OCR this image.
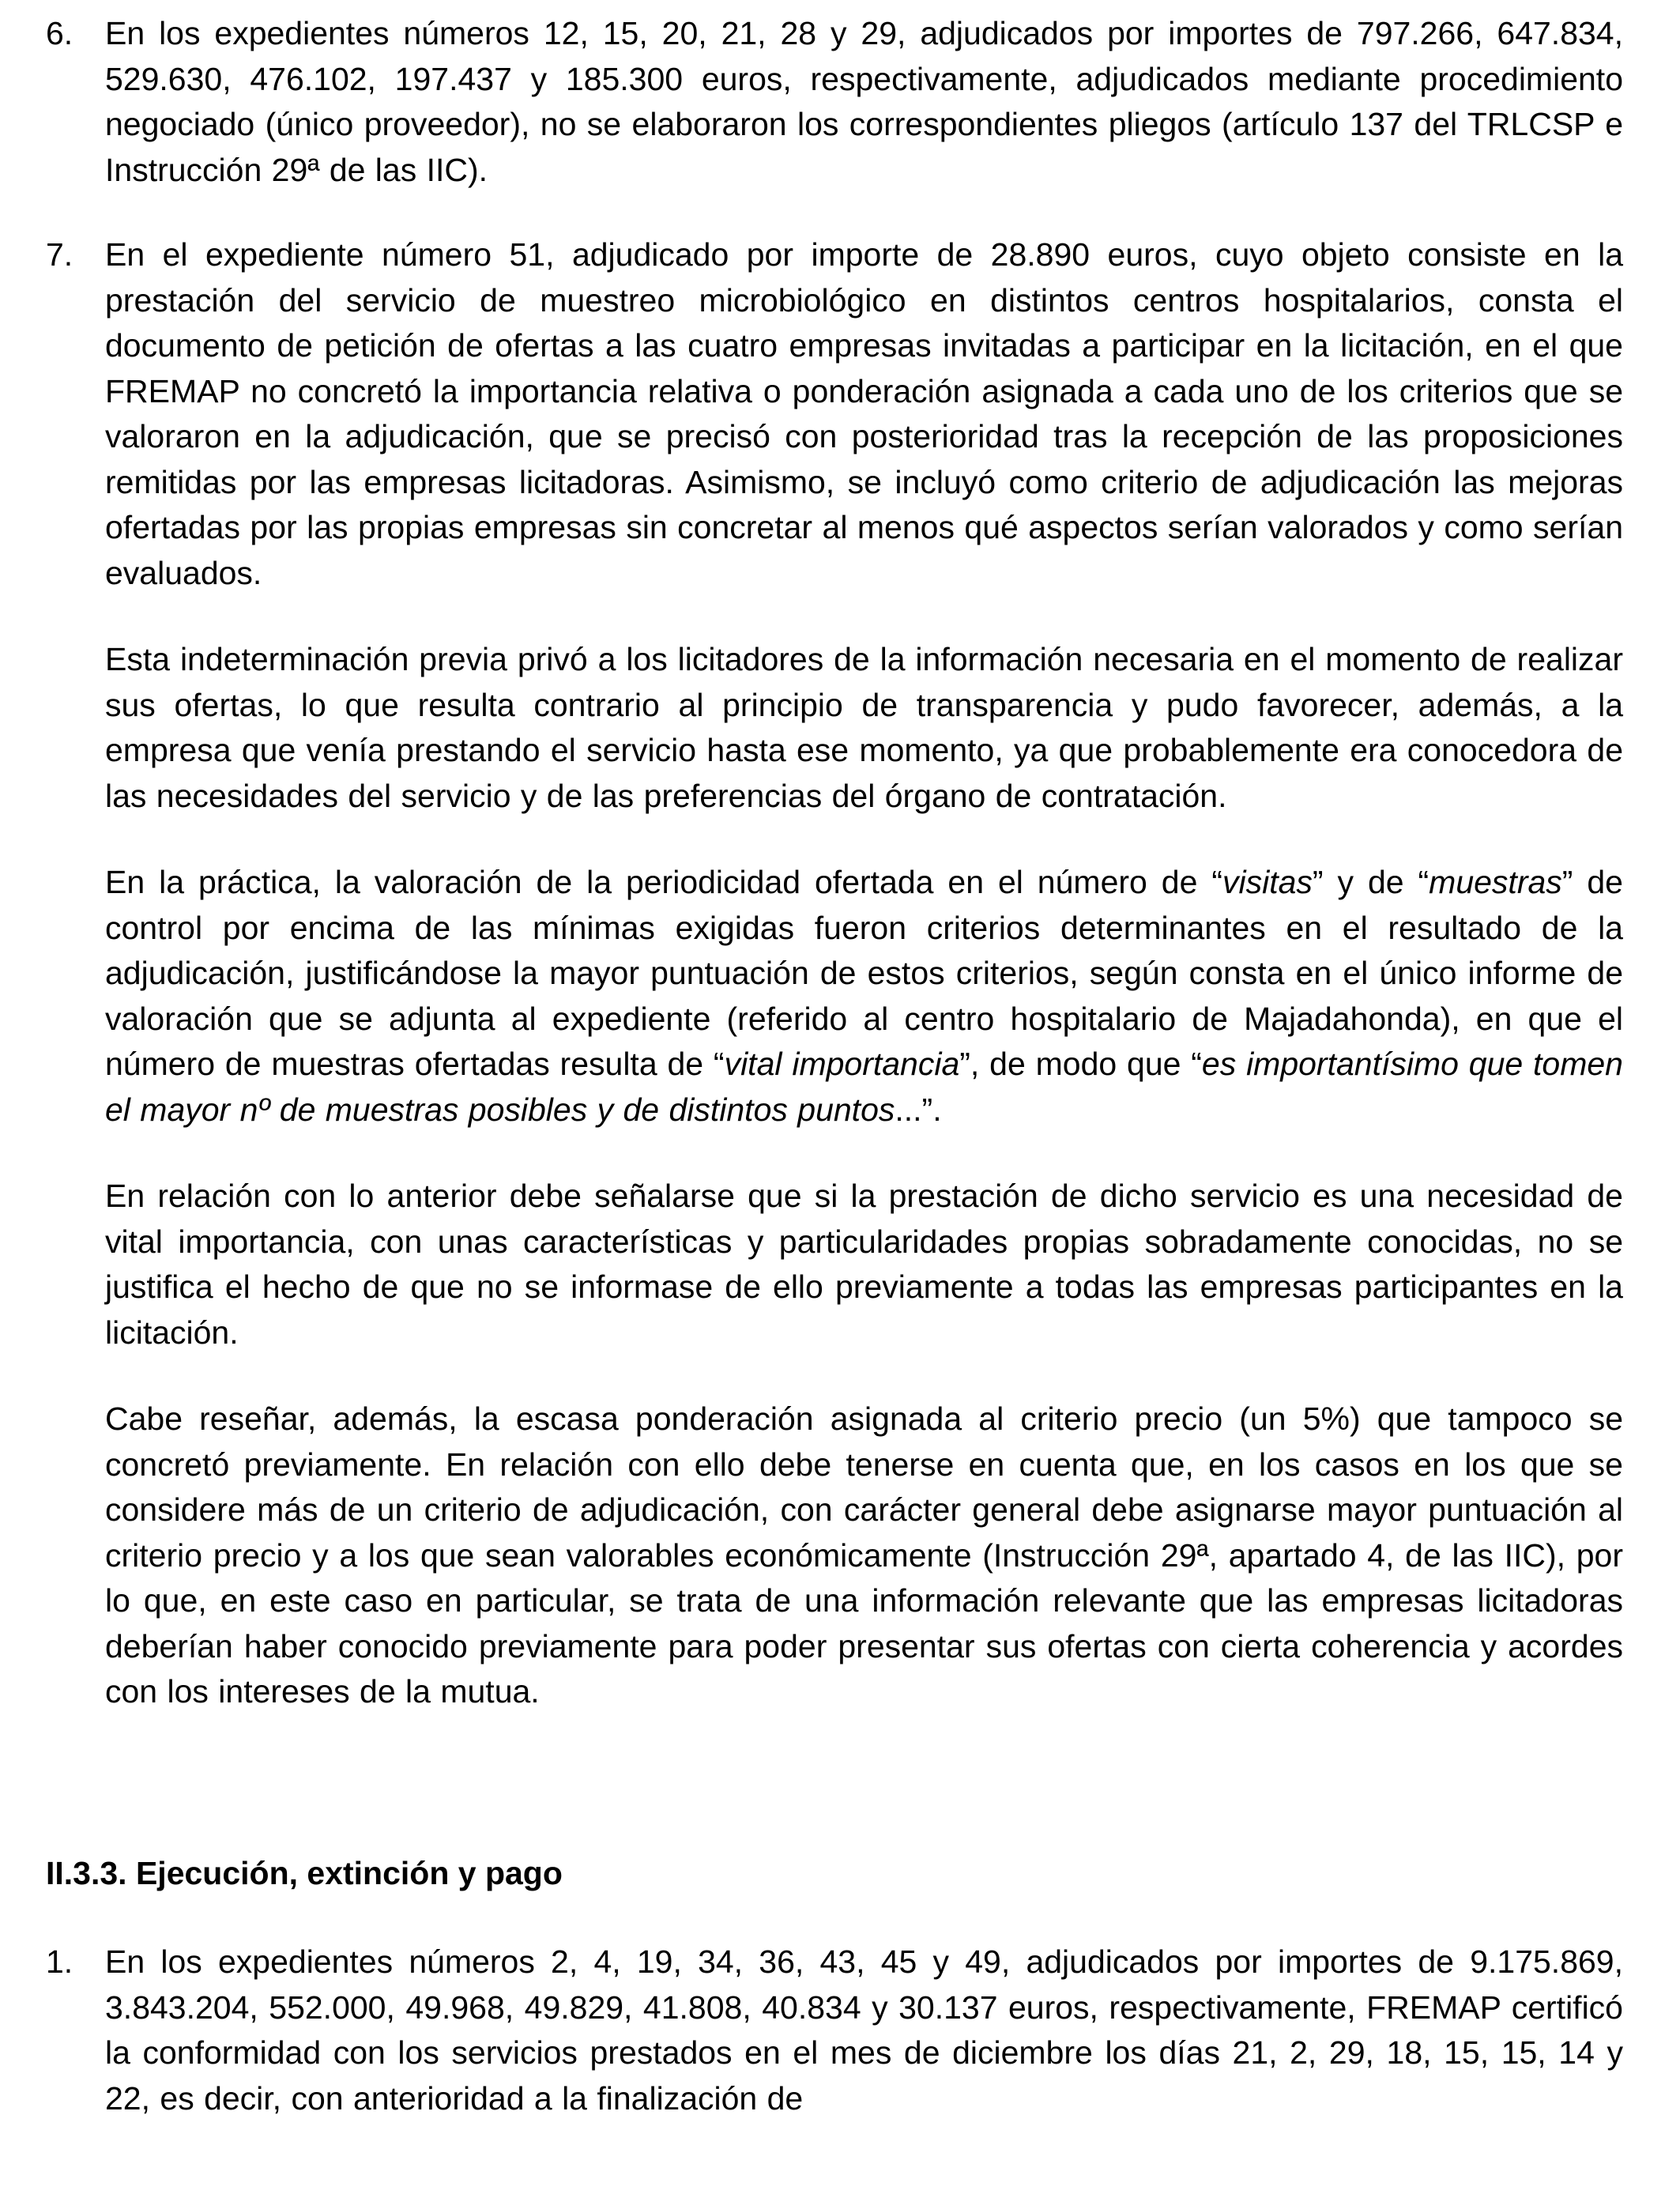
6. En los expedientes números 12, 15, 20, 21, 28 y 29, adjudicados por importes de 797.266, 647.834, 529.630, 476.102, 197.437 y 185.300 euros, respectivamente, adjudicados mediante procedimiento negociado (único proveedor), no se elaboraron los correspondientes pliegos (artículo 137 del TRLCSP e Instrucción 29ª de las IIC).

7. En el expediente número 51, adjudicado por importe de 28.890 euros, cuyo objeto consiste en la prestación del servicio de muestreo microbiológico en distintos centros hospitalarios, consta el documento de petición de ofertas a las cuatro empresas invitadas a participar en la licitación, en el que FREMAP no concretó la importancia relativa o ponderación asignada a cada uno de los criterios que se valoraron en la adjudicación, que se precisó con posterioridad tras la recepción de las proposiciones remitidas por las empresas licitadoras. Asimismo, se incluyó como criterio de adjudicación las mejoras ofertadas por las propias empresas sin concretar al menos qué aspectos serían valorados y como serían evaluados.

Esta indeterminación previa privó a los licitadores de la información necesaria en el momento de realizar sus ofertas, lo que resulta contrario al principio de transparencia y pudo favorecer, además, a la empresa que venía prestando el servicio hasta ese momento, ya que probablemente era conocedora de las necesidades del servicio y de las preferencias del órgano de contratación.

En la práctica, la valoración de la periodicidad ofertada en el número de “visitas” y de “muestras” de control por encima de las mínimas exigidas fueron criterios determinantes en el resultado de la adjudicación, justificándose la mayor puntuación de estos criterios, según consta en el único informe de valoración que se adjunta al expediente (referido al centro hospitalario de Majadahonda), en que el número de muestras ofertadas resulta de “vital importancia”, de modo que “es importantísimo que tomen el mayor nº de muestras posibles y de distintos puntos...”.

En relación con lo anterior debe señalarse que si la prestación de dicho servicio es una necesidad de vital importancia, con unas características y particularidades propias sobradamente conocidas, no se justifica el hecho de que no se informase de ello previamente a todas las empresas participantes en la licitación.

Cabe reseñar, además, la escasa ponderación asignada al criterio precio (un 5%) que tampoco se concretó previamente. En relación con ello debe tenerse en cuenta que, en los casos en los que se considere más de un criterio de adjudicación, con carácter general debe asignarse mayor puntuación al criterio precio y a los que sean valorables económicamente (Instrucción 29ª, apartado 4, de las IIC), por lo que, en este caso en particular, se trata de una información relevante que las empresas licitadoras deberían haber conocido previamente para poder presentar sus ofertas con cierta coherencia y acordes con los intereses de la mutua.

II.3.3. Ejecución, extinción y pago
1. En los expedientes números 2, 4, 19, 34, 36, 43, 45 y 49, adjudicados por importes de 9.175.869, 3.843.204, 552.000, 49.968, 49.829, 41.808, 40.834 y 30.137 euros, respectivamente, FREMAP certificó la conformidad con los servicios prestados en el mes de diciembre los días 21, 2, 29, 18, 15, 15, 14 y 22, es decir, con anterioridad a la finalización de
